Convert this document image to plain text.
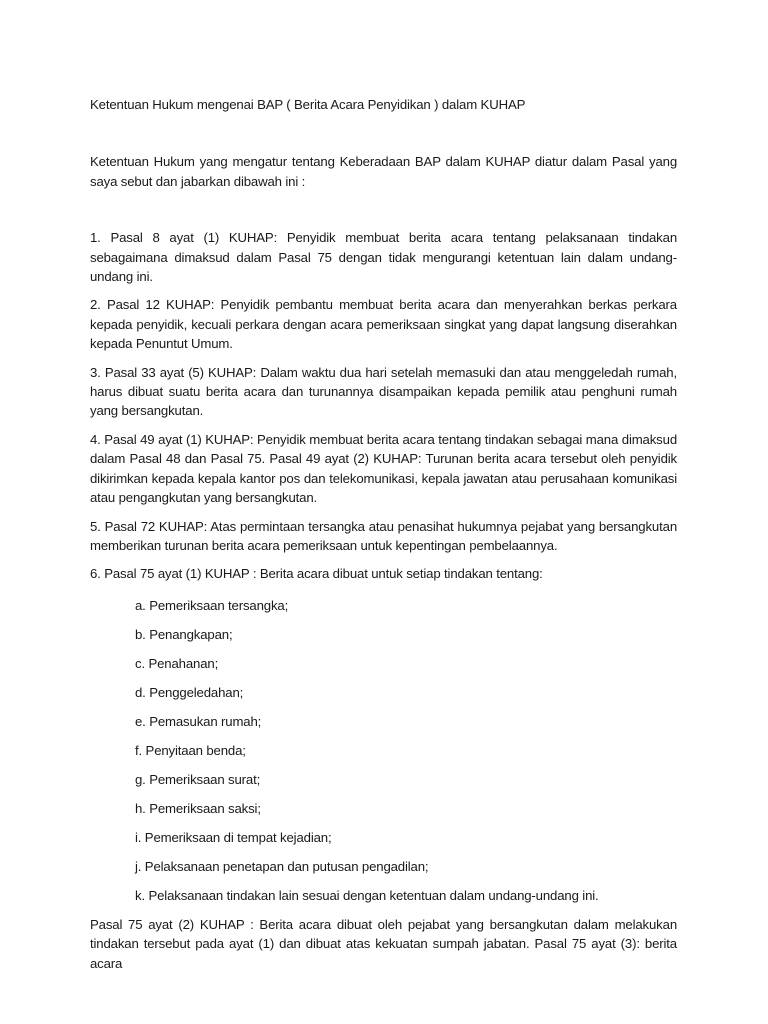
Ketentuan Hukum mengenai BAP ( Berita Acara Penyidikan ) dalam KUHAP

Ketentuan Hukum yang mengatur tentang Keberadaan BAP dalam KUHAP diatur dalam Pasal yang saya sebut dan jabarkan dibawah ini :

1. Pasal 8 ayat (1) KUHAP: Penyidik membuat berita acara tentang pelaksanaan tindakan sebagaimana dimaksud dalam Pasal 75 dengan tidak mengurangi ketentuan lain dalam undang-undang ini.

2. Pasal 12 KUHAP: Penyidik pembantu membuat berita acara dan menyerahkan berkas perkara kepada penyidik, kecuali perkara dengan acara pemeriksaan singkat yang dapat langsung diserahkan kepada Penuntut Umum.

3. Pasal 33 ayat (5) KUHAP: Dalam waktu dua hari setelah memasuki dan atau menggeledah rumah, harus dibuat suatu berita acara dan turunannya disampaikan kepada pemilik atau penghuni rumah yang bersangkutan.

4. Pasal 49 ayat (1) KUHAP: Penyidik membuat berita acara tentang tindakan sebagai mana dimaksud dalam Pasal 48 dan Pasal 75. Pasal 49 ayat (2) KUHAP: Turunan berita acara tersebut oleh penyidik dikirimkan kepada kepala kantor pos dan telekomunikasi, kepala jawatan atau perusahaan komunikasi atau pengangkutan yang bersangkutan.

5. Pasal 72 KUHAP: Atas permintaan tersangka atau penasihat hukumnya pejabat yang bersangkutan memberikan turunan berita acara pemeriksaan untuk kepentingan pembelaannya.

6. Pasal 75 ayat (1) KUHAP : Berita acara dibuat untuk setiap tindakan tentang:

a. Pemeriksaan tersangka;
b. Penangkapan;
c. Penahanan;
d. Penggeledahan;
e. Pemasukan rumah;
f. Penyitaan benda;
g. Pemeriksaan surat;
h. Pemeriksaan saksi;
i. Pemeriksaan di tempat kejadian;
j. Pelaksanaan penetapan dan putusan pengadilan;
k. Pelaksanaan tindakan lain sesuai dengan ketentuan dalam undang-undang ini.

Pasal 75 ayat (2) KUHAP : Berita acara dibuat oleh pejabat yang bersangkutan dalam melakukan tindakan tersebut pada ayat (1) dan dibuat atas kekuatan sumpah jabatan. Pasal 75 ayat (3): berita acara
